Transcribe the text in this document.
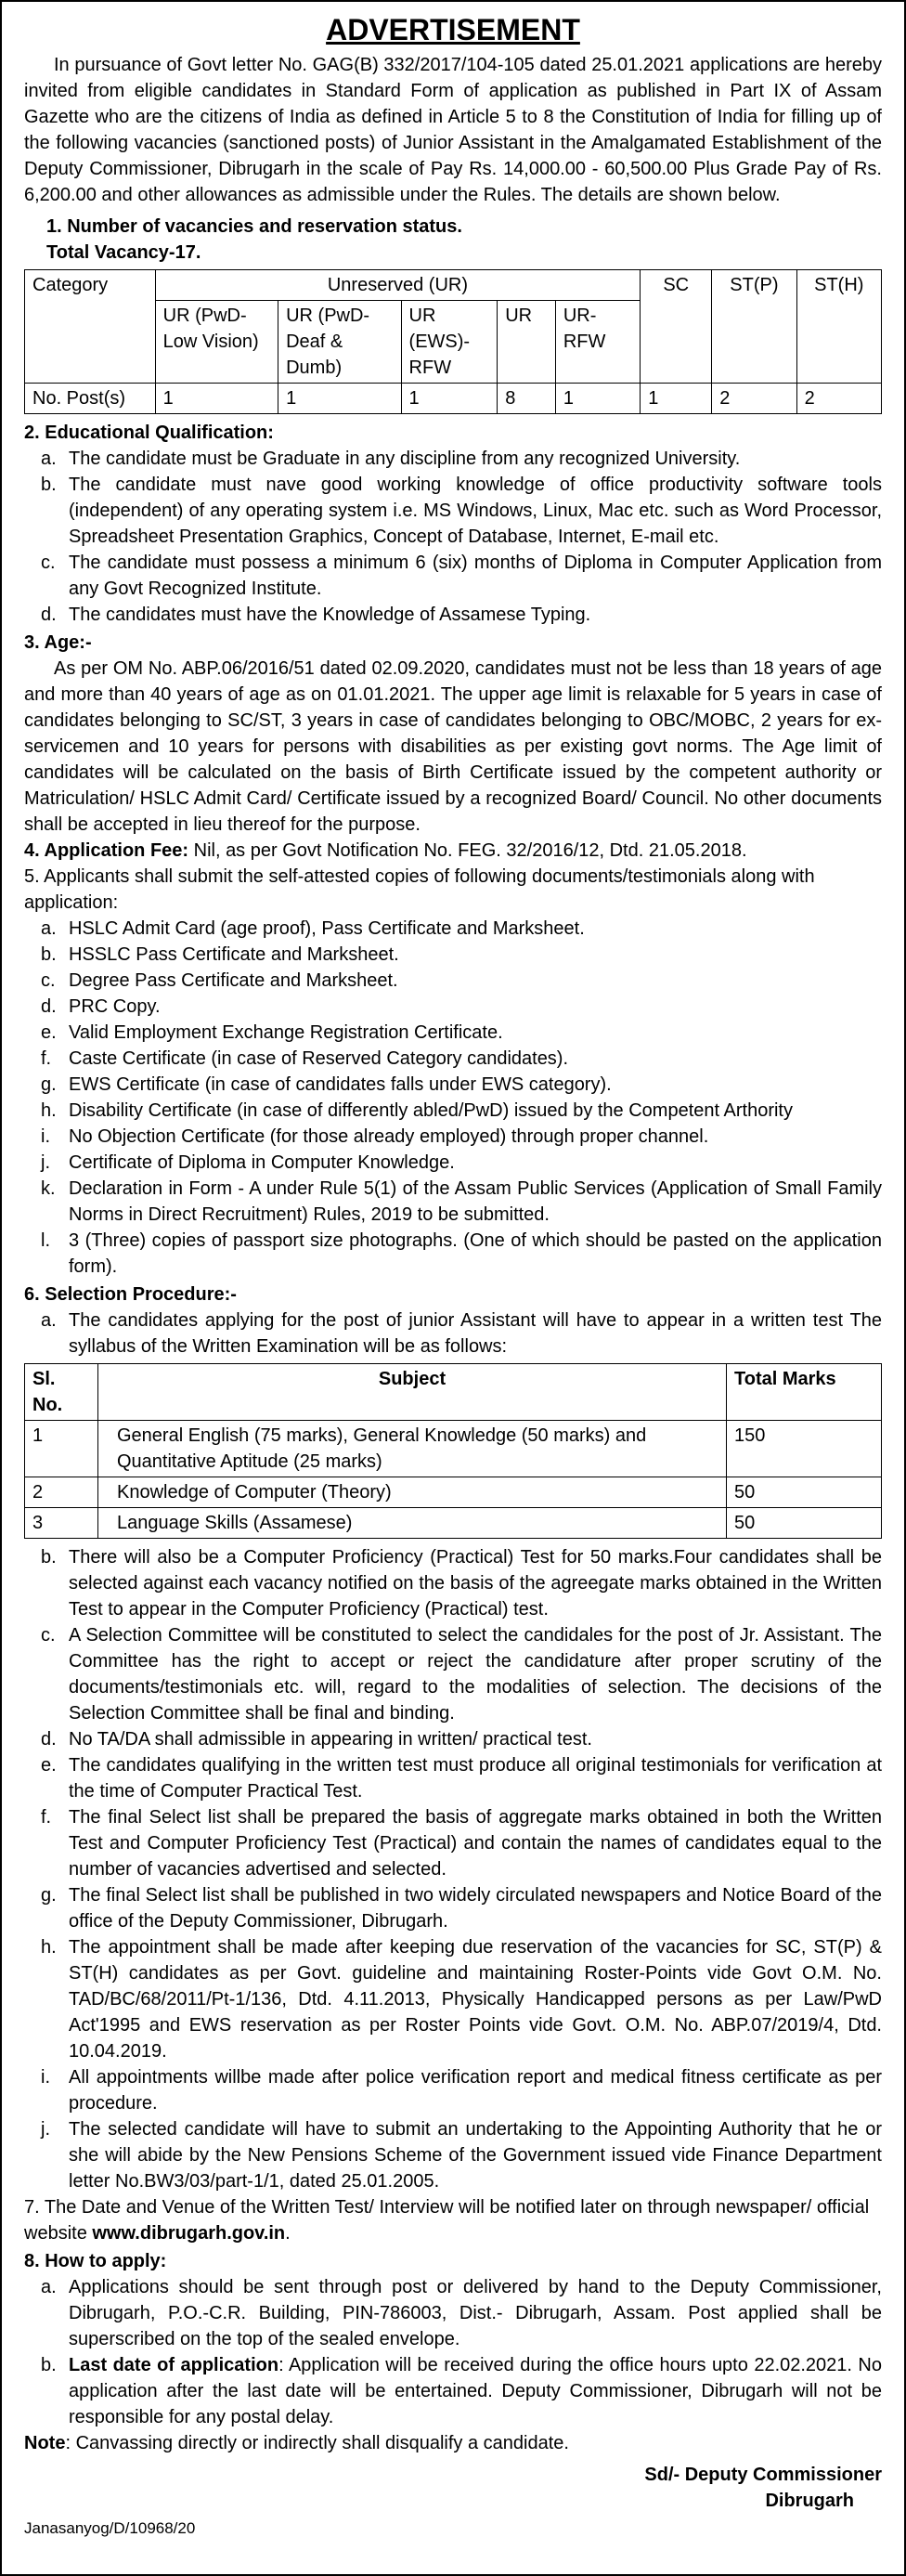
ADVERTISEMENT
In pursuance of Govt letter No. GAG(B) 332/2017/104-105 dated 25.01.2021 applications are hereby invited from eligible candidates in Standard Form of application as published in Part IX of Assam Gazette who are the citizens of India as defined in Article 5 to 8 the Constitution of India for filling up of the following vacancies (sanctioned posts) of Junior Assistant in the Amalgamated Establishment of the Deputy Commissioner, Dibrugarh in the scale of Pay Rs. 14,000.00 - 60,500.00 Plus Grade Pay of Rs. 6,200.00 and other allowances as admissible under the Rules. The details are shown below.
1. Number of vacancies and reservation status.
Total Vacancy-17.
Category	Unreserved (UR)					SC	ST(P)	ST(H)
	UR (PwD-Low Vision)	UR (PwD-Deaf & Dumb)	UR (EWS)-RFW	UR	UR-RFW			
No. Post(s)	1	1	1	8	1	1	2	2
2. Educational Qualification:
a. The candidate must be Graduate in any discipline from any recognized University.
b. The candidate must nave good working knowledge of office productivity software tools (independent) of any operating system i.e. MS Windows, Linux, Mac etc. such as Word Processor, Spreadsheet Presentation Graphics, Concept of Database, Internet, E-mail etc.
c. The candidate must possess a minimum 6 (six) months of Diploma in Computer Application from any Govt Recognized Institute.
d. The candidates must have the Knowledge of Assamese Typing.
3. Age:-
As per OM No. ABP.06/2016/51 dated 02.09.2020, candidates must not be less than 18 years of age and more than 40 years of age as on 01.01.2021. The upper age limit is relaxable for 5 years in case of candidates belonging to SC/ST, 3 years in case of candidates belonging to OBC/MOBC, 2 years for ex-servicemen and 10 years for persons with disabilities as per existing govt norms. The Age limit of candidates will be calculated on the basis of Birth Certificate issued by the competent authority or Matriculation/ HSLC Admit Card/ Certificate issued by a recognized Board/ Council. No other documents shall be accepted in lieu thereof for the purpose.
4. Application Fee: Nil, as per Govt Notification No. FEG. 32/2016/12, Dtd. 21.05.2018.
5. Applicants shall submit the self-attested copies of following documents/testimonials along with application:
a. HSLC Admit Card (age proof), Pass Certificate and Marksheet.
b. HSSLC Pass Certificate and Marksheet.
c. Degree Pass Certificate and Marksheet.
d. PRC Copy.
e. Valid Employment Exchange Registration Certificate.
f. Caste Certificate (in case of Reserved Category candidates).
g. EWS Certificate (in case of candidates falls under EWS category).
h. Disability Certificate (in case of differently abled/PwD) issued by the Competent Arthority
i. No Objection Certificate (for those already employed) through proper channel.
j. Certificate of Diploma in Computer Knowledge.
k. Declaration in Form - A under Rule 5(1) of the Assam Public Services (Application of Small Family Norms in Direct Recruitment) Rules, 2019 to be submitted.
l. 3 (Three) copies of passport size photographs. (One of which should be pasted on the application form).
6. Selection Procedure:-
a. The candidates applying for the post of junior Assistant will have to appear in a written test The syllabus of the Written Examination will be as follows:
Sl. No.	Subject	Total Marks
1	General English (75 marks), General Knowledge (50 marks) and Quantitative Aptitude (25 marks)	150
2	Knowledge of Computer (Theory)	50
3	Language Skills (Assamese)	50
b. There will also be a Computer Proficiency (Practical) Test for 50 marks.Four candidates shall be selected against each vacancy notified on the basis of the agreegate marks obtained in the Written Test to appear in the Computer Proficiency (Practical) test.
c. A Selection Committee will be constituted to select the candidales for the post of Jr. Assistant. The Committee has the right to accept or reject the candidature after proper scrutiny of the documents/testimonials etc. will, regard to the modalities of selection. The decisions of the Selection Committee shall be final and binding.
d. No TA/DA shall admissible in appearing in written/ practical test.
e. The candidates qualifying in the written test must produce all original testimonials for verification at the time of Computer Practical Test.
f. The final Select list shall be prepared the basis of aggregate marks obtained in both the Written Test and Computer Proficiency Test (Practical) and contain the names of candidates equal to the number of vacancies advertised and selected.
g. The final Select list shall be published in two widely circulated newspapers and Notice Board of the office of the Deputy Commissioner, Dibrugarh.
h. The appointment shall be made after keeping due reservation of the vacancies for SC, ST(P) & ST(H) candidates as per Govt. guideline and maintaining Roster-Points vide Govt O.M. No. TAD/BC/68/2011/Pt-1/136, Dtd. 4.11.2013, Physically Handicapped persons as per Law/PwD Act'1995 and EWS reservation as per Roster Points vide Govt. O.M. No. ABP.07/2019/4, Dtd. 10.04.2019.
i. All appointments willbe made after police verification report and medical fitness certificate as per procedure.
j. The selected candidate will have to submit an undertaking to the Appointing Authority that he or she will abide by the New Pensions Scheme of the Government issued vide Finance Department letter No.BW3/03/part-1/1, dated 25.01.2005.
7. The Date and Venue of the Written Test/ Interview will be notified later on through newspaper/ official website www.dibrugarh.gov.in.
8. How to apply:
a. Applications should be sent through post or delivered by hand to the Deputy Commissioner, Dibrugarh, P.O.-C.R. Building, PIN-786003, Dist.- Dibrugarh, Assam. Post applied shall be superscribed on the top of the sealed envelope.
b. Last date of application: Application will be received during the office hours upto 22.02.2021. No application after the last date will be entertained. Deputy Commissioner, Dibrugarh will not be responsible for any postal delay.
Note: Canvassing directly or indirectly shall disqualify a candidate.
Sd/- Deputy Commissioner
Dibrugarh
Janasanyog/D/10968/20
